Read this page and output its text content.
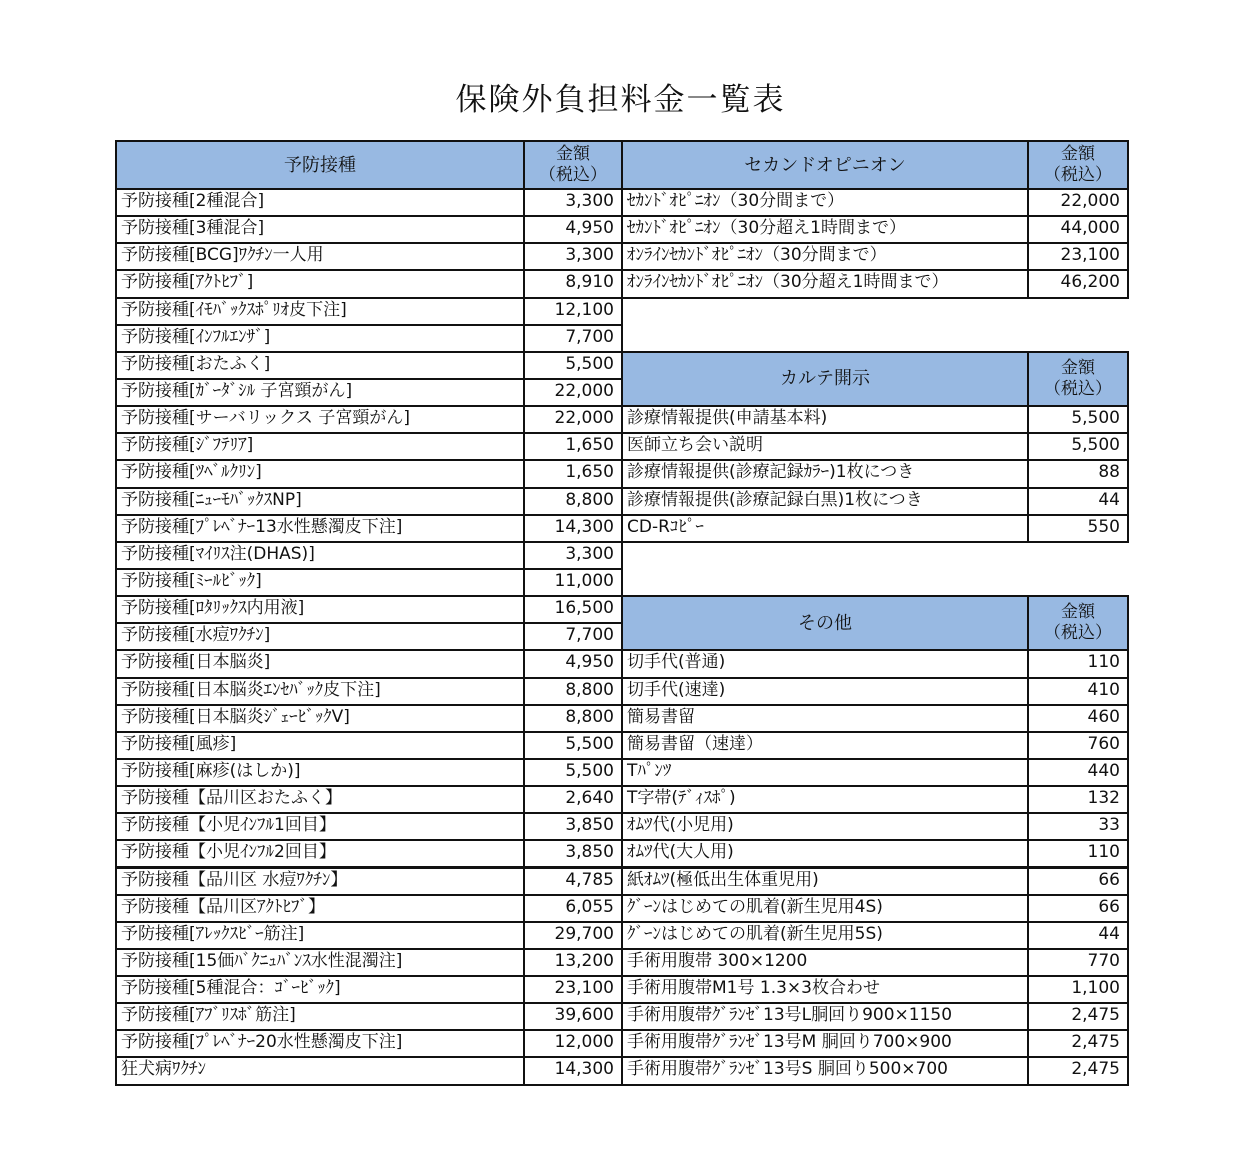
保険外負担料金一覧表
予防接種
金額
（税込）
予防接種[2種混合]	3,300
予防接種[3種混合]	4,950
予防接種[BCG]ﾜｸﾁﾝ一人用	3,300
予防接種[ｱｸﾄﾋﾌﾞ]	8,910
予防接種[ｲﾓﾊﾞｯｸｽﾎﾟﾘｵ皮下注]	12,100
予防接種[ｲﾝﾌﾙｴﾝｻﾞ]	7,700
予防接種[おたふく]	5,500
予防接種[ｶﾞｰﾀﾞｼﾙ 子宮頸がん]	22,000
予防接種[サーバリックス 子宮頸がん]	22,000
予防接種[ｼﾞﾌﾃﾘｱ]	1,650
予防接種[ﾂﾍﾞﾙｸﾘﾝ]	1,650
予防接種[ﾆｭｰﾓﾊﾞｯｸｽNP]	8,800
予防接種[ﾌﾟﾚﾍﾞﾅｰ13水性懸濁皮下注]	14,300
予防接種[ﾏｲﾘｽ注(DHAS)]	3,300
予防接種[ﾐｰﾙﾋﾞｯｸ]	11,000
予防接種[ﾛﾀﾘｯｸｽ内用液]	16,500
予防接種[水痘ﾜｸﾁﾝ]	7,700
予防接種[日本脳炎]	4,950
予防接種[日本脳炎ｴﾝｾﾊﾞｯｸ皮下注]	8,800
予防接種[日本脳炎ｼﾞｪｰﾋﾞｯｸV]	8,800
予防接種[風疹]	5,500
予防接種[麻疹(はしか)]	5,500
予防接種【品川区おたふく】	2,640
予防接種【小児ｲﾝﾌﾙ1回目】	3,850
予防接種【小児ｲﾝﾌﾙ2回目】	3,850
予防接種【品川区 水痘ﾜｸﾁﾝ】	4,785
予防接種【品川区ｱｸﾄﾋﾌﾞ】	6,055
予防接種[ｱﾚｯｸｽﾋﾞｰ筋注]	29,700
予防接種[15価ﾊﾞｸﾆｭﾊﾞﾝｽ水性混濁注]	13,200
予防接種[5種混合：ｺﾞｰﾋﾞｯｸ]	23,100
予防接種[ｱﾌﾞﾘｽﾎﾞ筋注]	39,600
予防接種[ﾌﾟﾚﾍﾞﾅｰ20水性懸濁皮下注]	12,000
狂犬病ﾜｸﾁﾝ	14,300
セカンドオピニオン
金額
（税込）
ｾｶﾝﾄﾞｵﾋﾟﾆｵﾝ（30分間まで）	22,000
ｾｶﾝﾄﾞｵﾋﾟﾆｵﾝ（30分超え1時間まで）	44,000
ｵﾝﾗｲﾝｾｶﾝﾄﾞｵﾋﾟﾆｵﾝ（30分間まで）	23,100
ｵﾝﾗｲﾝｾｶﾝﾄﾞｵﾋﾟﾆｵﾝ（30分超え1時間まで）	46,200
カルテ開示
金額
（税込）
診療情報提供(申請基本料)	5,500
医師立ち会い説明	5,500
診療情報提供(診療記録ｶﾗｰ)1枚につき	88
診療情報提供(診療記録白黒)1枚につき	44
CD-Rｺﾋﾟｰ	550
その他
金額
（税込）
切手代(普通)	110
切手代(速達)	410
簡易書留	460
簡易書留（速達）	760
Tﾊﾟﾝﾂ	440
T字帯(ﾃﾞｨｽﾎﾟ)	132
ｵﾑﾂ代(小児用)	33
ｵﾑﾂ代(大人用)	110
紙ｵﾑﾂ(極低出生体重児用)	66
ｸﾞｰﾝはじめての肌着(新生児用4S)	66
ｸﾞｰﾝはじめての肌着(新生児用5S)	44
手術用腹帯 300×1200	770
手術用腹帯M1号 1.3×3枚合わせ	1,100
手術用腹帯ｸﾞﾗﾝｾﾞ13号L胴回り900×1150	2,475
手術用腹帯ｸﾞﾗﾝｾﾞ13号M 胴回り700×900	2,475
手術用腹帯ｸﾞﾗﾝｾﾞ13号S 胴回り500×700	2,475
